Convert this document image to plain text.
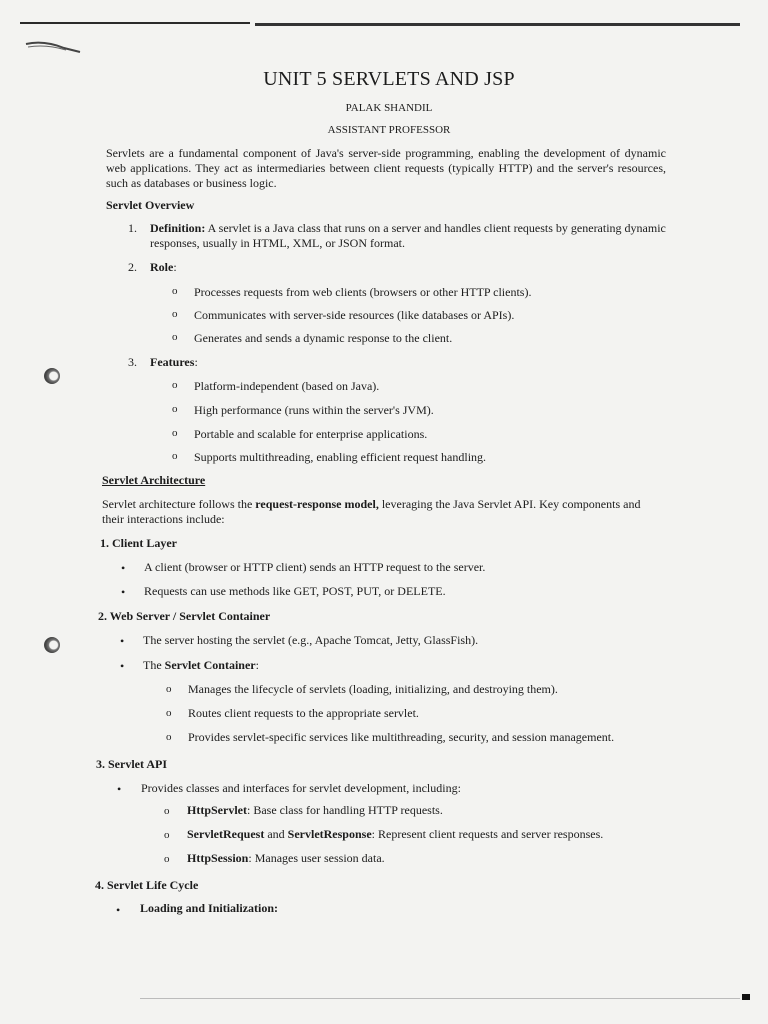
UNIT 5 SERVLETS AND JSP
PALAK SHANDIL
ASSISTANT PROFESSOR
Servlets are a fundamental component of Java's server-side programming, enabling the development of dynamic web applications. They act as intermediaries between client requests (typically HTTP) and the server's resources, such as databases or business logic.
Servlet Overview
1. Definition: A servlet is a Java class that runs on a server and handles client requests by generating dynamic responses, usually in HTML, XML, or JSON format.
2. Role:
o Processes requests from web clients (browsers or other HTTP clients).
o Communicates with server-side resources (like databases or APIs).
o Generates and sends a dynamic response to the client.
3. Features:
o Platform-independent (based on Java).
o High performance (runs within the server's JVM).
o Portable and scalable for enterprise applications.
o Supports multithreading, enabling efficient request handling.
Servlet Architecture
Servlet architecture follows the request-response model, leveraging the Java Servlet API. Key components and
their interactions include:
1. Client Layer
• A client (browser or HTTP client) sends an HTTP request to the server.
• Requests can use methods like GET, POST, PUT, or DELETE.
2. Web Server / Servlet Container
• The server hosting the servlet (e.g., Apache Tomcat, Jetty, GlassFish).
• The Servlet Container:
o Manages the lifecycle of servlets (loading, initializing, and destroying them).
o Routes client requests to the appropriate servlet.
o Provides servlet-specific services like multithreading, security, and session management.
3. Servlet API
• Provides classes and interfaces for servlet development, including:
o HttpServlet: Base class for handling HTTP requests.
o ServletRequest and ServletResponse: Represent client requests and server responses.
o HttpSession: Manages user session data.
4. Servlet Life Cycle
• Loading and Initialization:
